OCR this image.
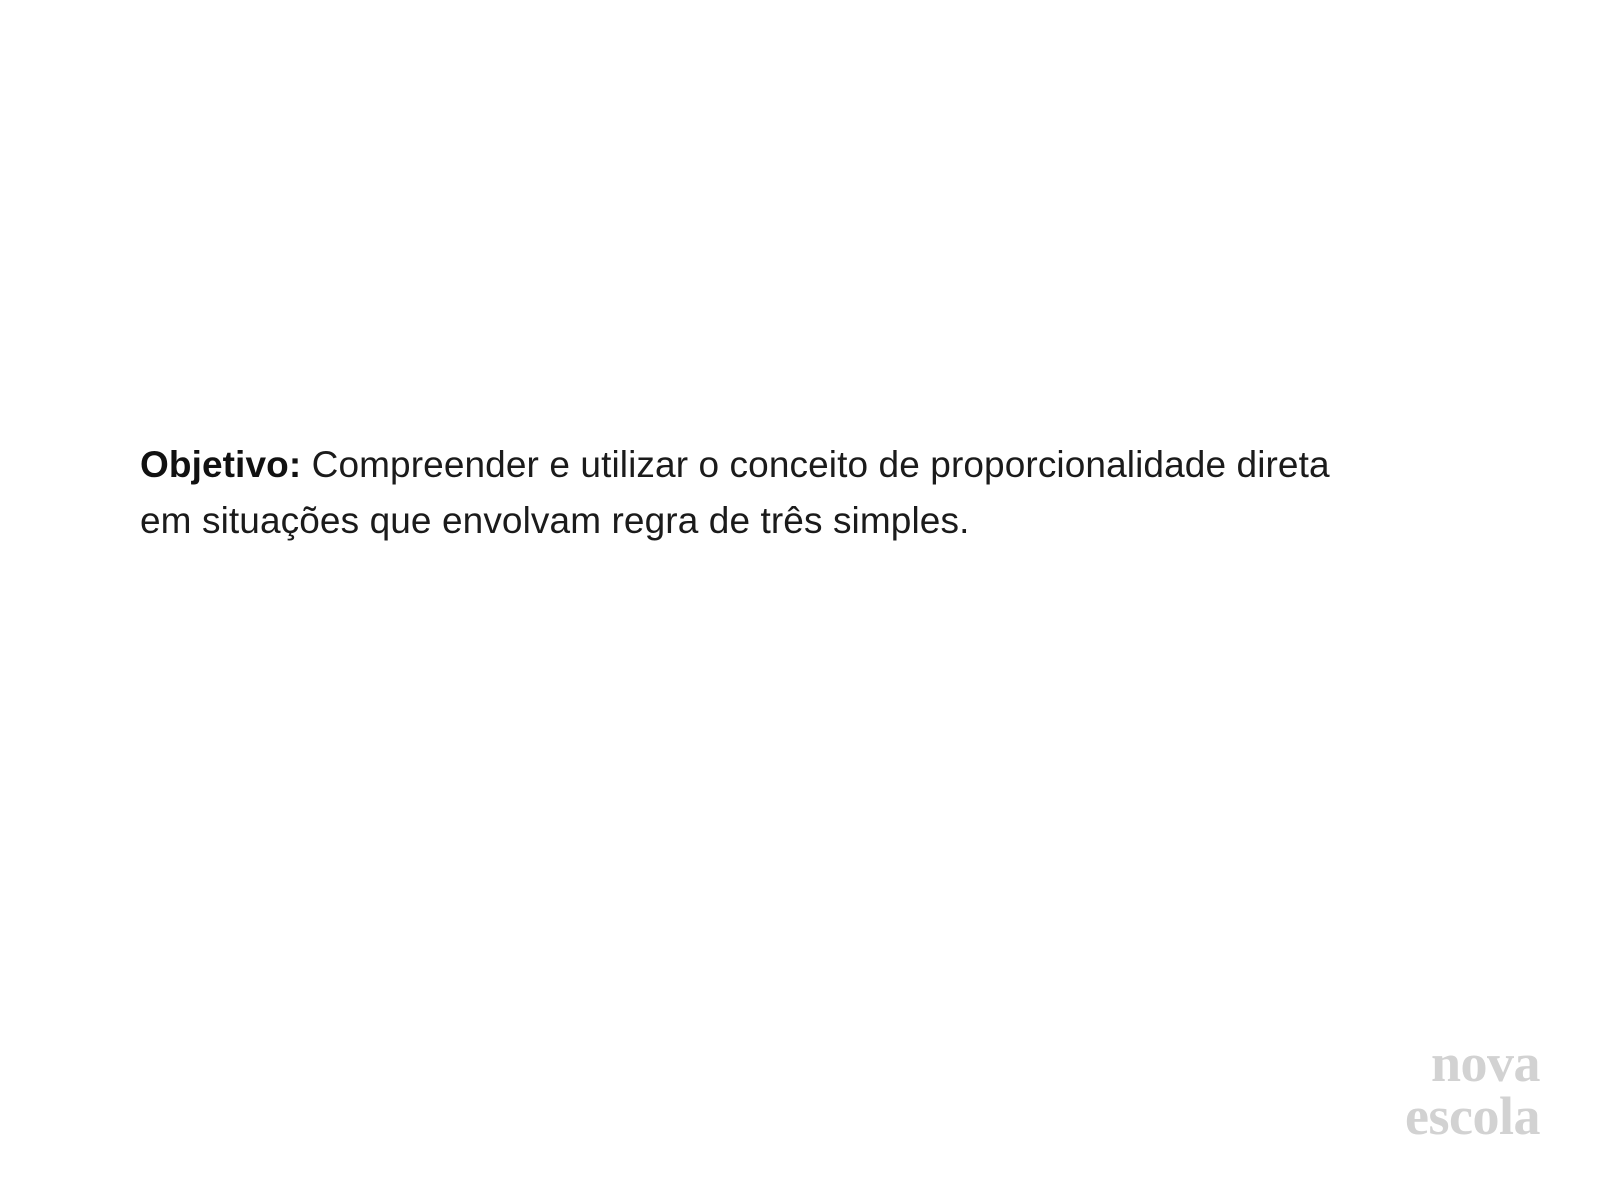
Objetivo: Compreender e utilizar o conceito de proporcionalidade direta em situações que envolvam regra de três simples.

nova
escola
